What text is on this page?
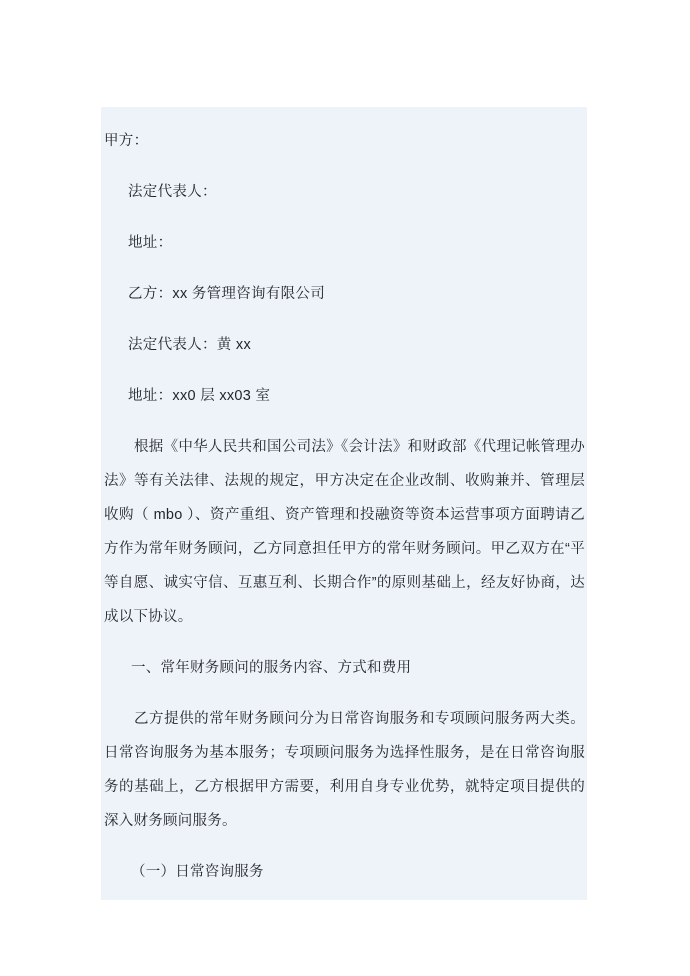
甲方：

法定代表人：

地址：

乙方：xx 务管理咨询有限公司

法定代表人：黄 xx

地址：xx0 层 xx03 室

根据《中华人民共和国公司法》《会计法》和财政部《代理记帐管理办法》等有关法律、法规的规定，甲方决定在企业改制、收购兼并、管理层收购（ mbo ）、资产重组、资产管理和投融资等资本运营事项方面聘请乙方作为常年财务顾问，乙方同意担任甲方的常年财务顾问。甲乙双方在“平等自愿、诚实守信、互惠互利、长期合作”的原则基础上，经友好协商，达成以下协议。

一、常年财务顾问的服务内容、方式和费用

乙方提供的常年财务顾问分为日常咨询服务和专项顾问服务两大类。日常咨询服务为基本服务；专项顾问服务为选择性服务，是在日常咨询服务的基础上，乙方根据甲方需要，利用自身专业优势，就特定项目提供的深入财务顾问服务。

（一）日常咨询服务
